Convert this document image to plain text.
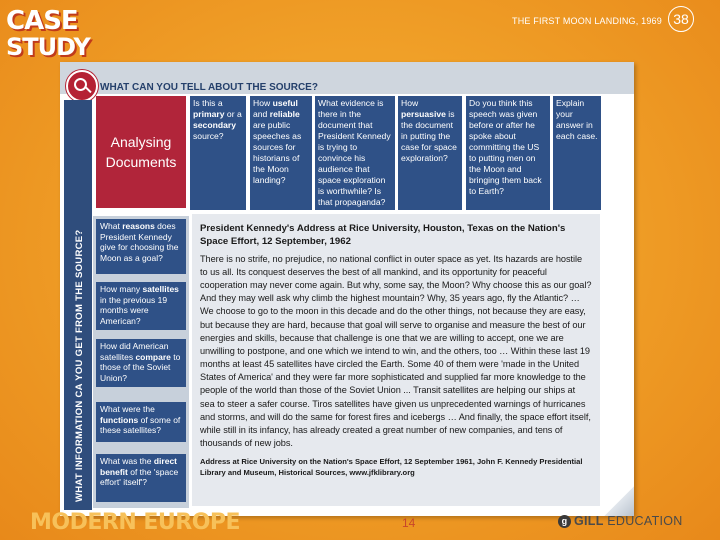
CASE
STUDY
THE FIRST MOON LANDING, 1969 38
WHAT CAN YOU TELL ABOUT THE SOURCE?
WHAT INFORMATION CA YOU GET FROM THE SOURCE?
Analysing
Documents
Is this a primary or a secondary source?
How useful and reliable are public speeches as sources for historians of the Moon landing?
What evidence is there in the document that President Kennedy is trying to convince his audience that space exploration is worthwhile? Is that propaganda?
How persuasive is the document in putting the case for space exploration?
Do you think this speech was given before or after he spoke about committing the US to putting men on the Moon and bringing them back to Earth?
Explain your answer in each case.
What reasons does President Kennedy give for choosing the Moon as a goal?
How many satellites in the previous 19 months were American?
How did American satellites compare to those of the Soviet Union?
What were the functions of some of these satellites?
What was the direct benefit of the 'space effort' itself'?
President Kennedy's Address at Rice University, Houston, Texas on the Nation's Space Effort, 12 September, 1962
There is no strife, no prejudice, no national conflict in outer space as yet. Its hazards are hostile to us all. Its conquest deserves the best of all mankind, and its opportunity for peaceful cooperation may never come again. But why, some say, the Moon? Why choose this as our goal? And they may well ask why climb the highest mountain? Why, 35 years ago, fly the Atlantic? … We choose to go to the moon in this decade and do the other things, not because they are easy, but because they are hard, because that goal will serve to organise and measure the best of our energies and skills, because that challenge is one that we are willing to accept, one we are unwilling to postpone, and one which we intend to win, and the others, too … Within these last 19 months at least 45 satellites have circled the Earth. Some 40 of them were 'made in the United States of America' and they were far more sophisticated and supplied far more knowledge to the people of the world than those of the Soviet Union ... Transit satellites are helping our ships at sea to steer a safer course. Tiros satellites have given us unprecedented warnings of hurricanes and storms, and will do the same for forest fires and icebergs … And finally, the space effort itself, while still in its infancy, has already created a great number of new companies, and tens of thousands of new jobs.
Address at Rice University on the Nation's Space Effort, 12 September 1961, John F. Kennedy Presidential Library and Museum, Historical Sources, www.jfklibrary.org
MODERN EUROPE	14	g GILL EDUCATION
